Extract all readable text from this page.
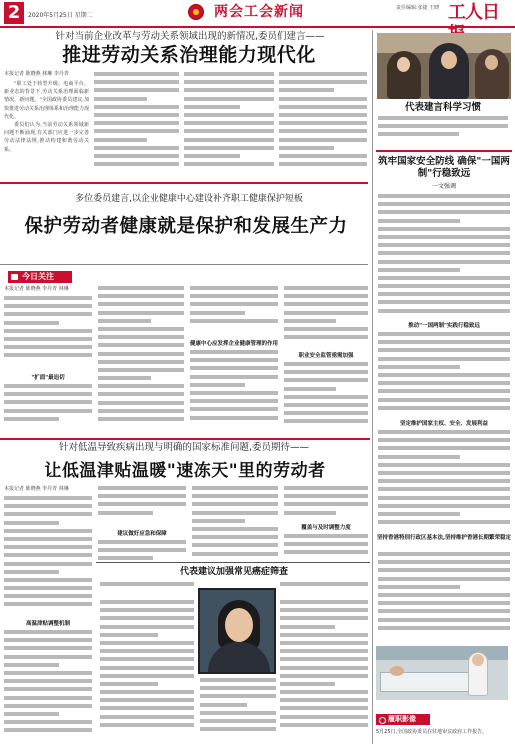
2	2020年5月25日 星期二	两会工会新闻	责任编辑:张捷 王晓 工人日
针对当前企业改革与劳动关系领域出现的新情况,委员们建言——
推进劳动关系治理能力现代化
本报记者 陈晓燕 林琳 李丹青

"职工处于转型升级、电商平台、新业态的背景下,劳动关系治理面临新情况、新问题。"全国政协委员建议,加快推进劳动关系治理体系和治理能力现代化。

委员们认为,当前劳动关系领域新问题不断涌现,有关部门应进一步完善劳动法律法规,推动构建和谐劳动关系。

多位委员建言,以企业健康中心建设补齐职工健康保护短板
保护劳动者健康就是保护和发展生产力
今日关注
本报记者 陈晓燕 李丹青 林琳
"扩面"最迫切
健康中心应发挥企业健康管理的作用
职业安全监管亟需加强
针对低温导致疾病出现与明确的国家标准问题,委员期待——
让低温津贴温暖"速冻天"里的劳动者
本报记者 陈晓燕 李丹青 林琳
高温津贴调整机制
建议做好应急和保障
覆盖与及时调整力度
代表建议加强常见癌症筛查
代表建言科学习惯
筑牢国家安全防线 确保"一国两制"行稳致远
一文强调
推动"一国两制"实践行稳致远
坚定维护国家主权、安全、发展利益
坚持香港特别行政区基本法,坚持维护香港长期繁荣稳定
履职影像
5月25日,全国政协委员在驻地审议政府工作报告。
